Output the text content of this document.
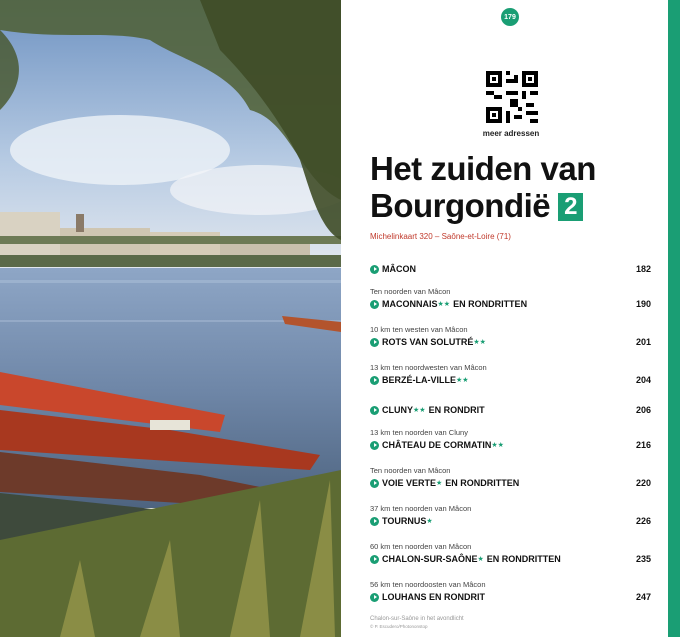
179
meer adressen
Het zuiden van
Bourgondië 2
Michelinkaart 320 – Saône-et-Loire (71)
MÂCON	182
Ten noorden van Mâcon
MACONNAIS ★★ EN RONDRITTEN	190
10 km ten westen van Mâcon
ROTS VAN SOLUTRÉ ★★	201
13 km ten noordwesten van Mâcon
BERZÉ-LA-VILLE ★★	204
CLUNY ★★ EN RONDRIT	206
13 km ten noorden van Cluny
CHÂTEAU DE CORMATIN ★★	216
Ten noorden van Mâcon
VOIE VERTE ★ EN RONDRITTEN	220
37 km ten noorden van Mâcon
TOURNUS ★	226
60 km ten noorden van Mâcon
CHALON-SUR-SAÔNE ★ EN RONDRITTEN	235
56 km ten noordoosten van Mâcon
LOUHANS EN RONDRIT	247
Chalon-sur-Saône in het avondlicht
© P. Escudero/Photononstop
